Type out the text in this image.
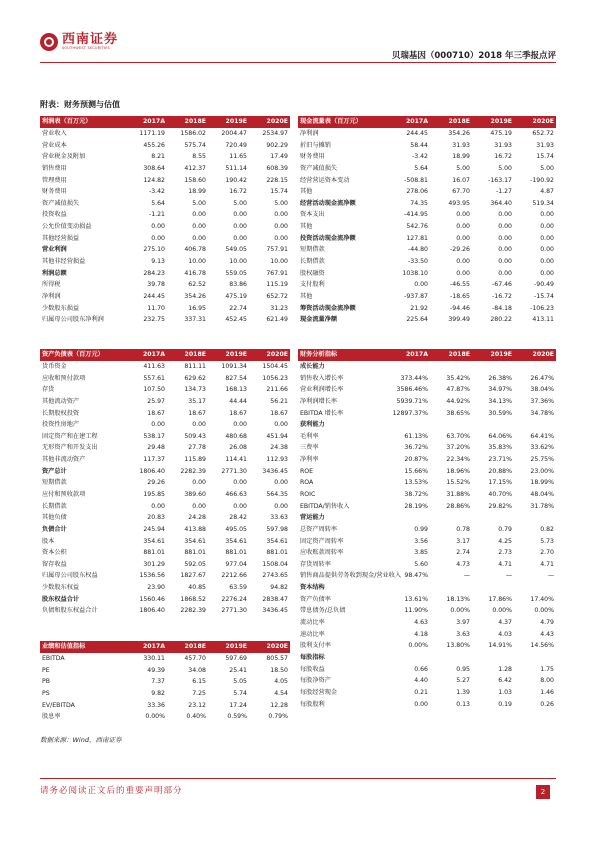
西南证券
SOUTHWEST SECURITIES
贝瑞基因（000710）2018 年三季报点评
附表：财务预测与估值
利润表（百万元）	2017A	2018E	2019E	2020E
营业收入	1171.19	1586.02	2004.47	2534.97
营业成本	455.26	575.74	720.49	902.29
营业税金及附加	8.21	8.55	11.65	17.49
销售费用	308.64	412.37	511.14	608.39
管理费用	124.82	158.60	190.42	228.15
财务费用	-3.42	18.99	16.72	15.74
资产减值损失	5.64	5.00	5.00	5.00
投资收益	-1.21	0.00	0.00	0.00
公允价值变动损益	0.00	0.00	0.00	0.00
其他经营损益	0.00	0.00	0.00	0.00
营业利润	275.10	406.78	549.05	757.91
其他非经营损益	9.13	10.00	10.00	10.00
利润总额	284.23	416.78	559.05	767.91
所得税	39.78	62.52	83.86	115.19
净利润	244.45	354.26	475.19	652.72
少数股东损益	11.70	16.95	22.74	31.23
归属母公司股东净利润	232.75	337.31	452.45	621.49
现金流量表（百万元）	2017A	2018E	2019E	2020E
净利润	244.45	354.26	475.19	652.72
折旧与摊销	58.44	31.93	31.93	31.93
财务费用	-3.42	18.99	16.72	15.74
资产减值损失	5.64	5.00	5.00	5.00
经营营运资本变动	-508.81	16.07	-163.17	-190.92
其他	278.06	67.70	-1.27	4.87
经营活动现金流净额	74.35	493.95	364.40	519.34
资本支出	-414.95	0.00	0.00	0.00
其他	542.76	0.00	0.00	0.00
投资活动现金流净额	127.81	0.00	0.00	0.00
短期借款	-44.80	-29.26	0.00	0.00
长期借款	-33.50	0.00	0.00	0.00
股权融资	1038.10	0.00	0.00	0.00
支付股利	0.00	-46.55	-67.46	-90.49
其他	-937.87	-18.65	-16.72	-15.74
筹资活动现金流净额	21.92	-94.46	-84.18	-106.23
现金流量净额	225.64	399.49	280.22	413.11
资产负债表（百万元）	2017A	2018E	2019E	2020E
货币资金	411.63	811.11	1091.34	1504.45
应收和预付款项	557.61	629.62	827.54	1056.23
存货	107.50	134.73	168.13	211.66
其他流动资产	25.97	35.17	44.44	56.21
长期股权投资	18.67	18.67	18.67	18.67
投资性房地产	0.00	0.00	0.00	0.00
固定资产和在建工程	538.17	509.43	480.68	451.94
无形资产和开发支出	29.48	27.78	26.08	24.38
其他非流动资产	117.37	115.89	114.41	112.93
资产总计	1806.40	2282.39	2771.30	3436.45
短期借款	29.26	0.00	0.00	0.00
应付和预收款项	195.85	389.60	466.63	564.35
长期借款	0.00	0.00	0.00	0.00
其他负债	20.83	24.28	28.42	33.63
负债合计	245.94	413.88	495.05	597.98
股本	354.61	354.61	354.61	354.61
资本公积	881.01	881.01	881.01	881.01
留存收益	301.29	592.05	977.04	1508.04
归属母公司股东权益	1536.56	1827.67	2212.66	2743.65
少数股东权益	23.90	40.85	63.59	94.82
股东权益合计	1560.46	1868.52	2276.24	2838.47
负债和股东权益合计	1806.40	2282.39	2771.30	3436.45
财务分析指标	2017A	2018E	2019E	2020E
成长能力				
销售收入增长率	373.44%	35.42%	26.38%	26.47%
营业利润增长率	3586.46%	47.87%	34.97%	38.04%
净利润增长率	5939.71%	44.92%	34.13%	37.36%
EBITDA 增长率	12897.37%	38.65%	30.59%	34.78%
获利能力				
毛利率	61.13%	63.70%	64.06%	64.41%
三费率	36.72%	37.20%	35.83%	33.62%
净利率	20.87%	22.34%	23.71%	25.75%
ROE	15.66%	18.96%	20.88%	23.00%
ROA	13.53%	15.52%	17.15%	18.99%
ROIC	38.72%	31.88%	40.70%	48.04%
EBITDA/销售收入	28.19%	28.86%	29.82%	31.78%
营运能力				
总资产周转率	0.99	0.78	0.79	0.82
固定资产周转率	3.56	3.17	4.25	5.73
应收账款周转率	3.85	2.74	2.73	2.70
存货周转率	5.60	4.73	4.71	4.71
销售商品提供劳务收到现金/营业收入	98.47%	—	—	—
资本结构				
资产负债率	13.61%	18.13%	17.86%	17.40%
带息债务/总负债	11.90%	0.00%	0.00%	0.00%
流动比率	4.63	3.97	4.37	4.79
速动比率	4.18	3.63	4.03	4.43
股利支付率	0.00%	13.80%	14.91%	14.56%
每股指标				
每股收益	0.66	0.95	1.28	1.75
每股净资产	4.40	5.27	6.42	8.00
每股经营现金	0.21	1.39	1.03	1.46
每股股利	0.00	0.13	0.19	0.26
业绩和估值指标	2017A	2018E	2019E	2020E
EBITDA	330.11	457.70	597.69	805.57
PE	49.39	34.08	25.41	18.50
PB	7.37	6.15	5.05	4.05
PS	9.82	7.25	5.74	4.54
EV/EBITDA	33.36	23.12	17.24	12.28
股息率	0.00%	0.40%	0.59%	0.79%
数据来源：Wind，西南证券
请务必阅读正文后的重要声明部分	2
